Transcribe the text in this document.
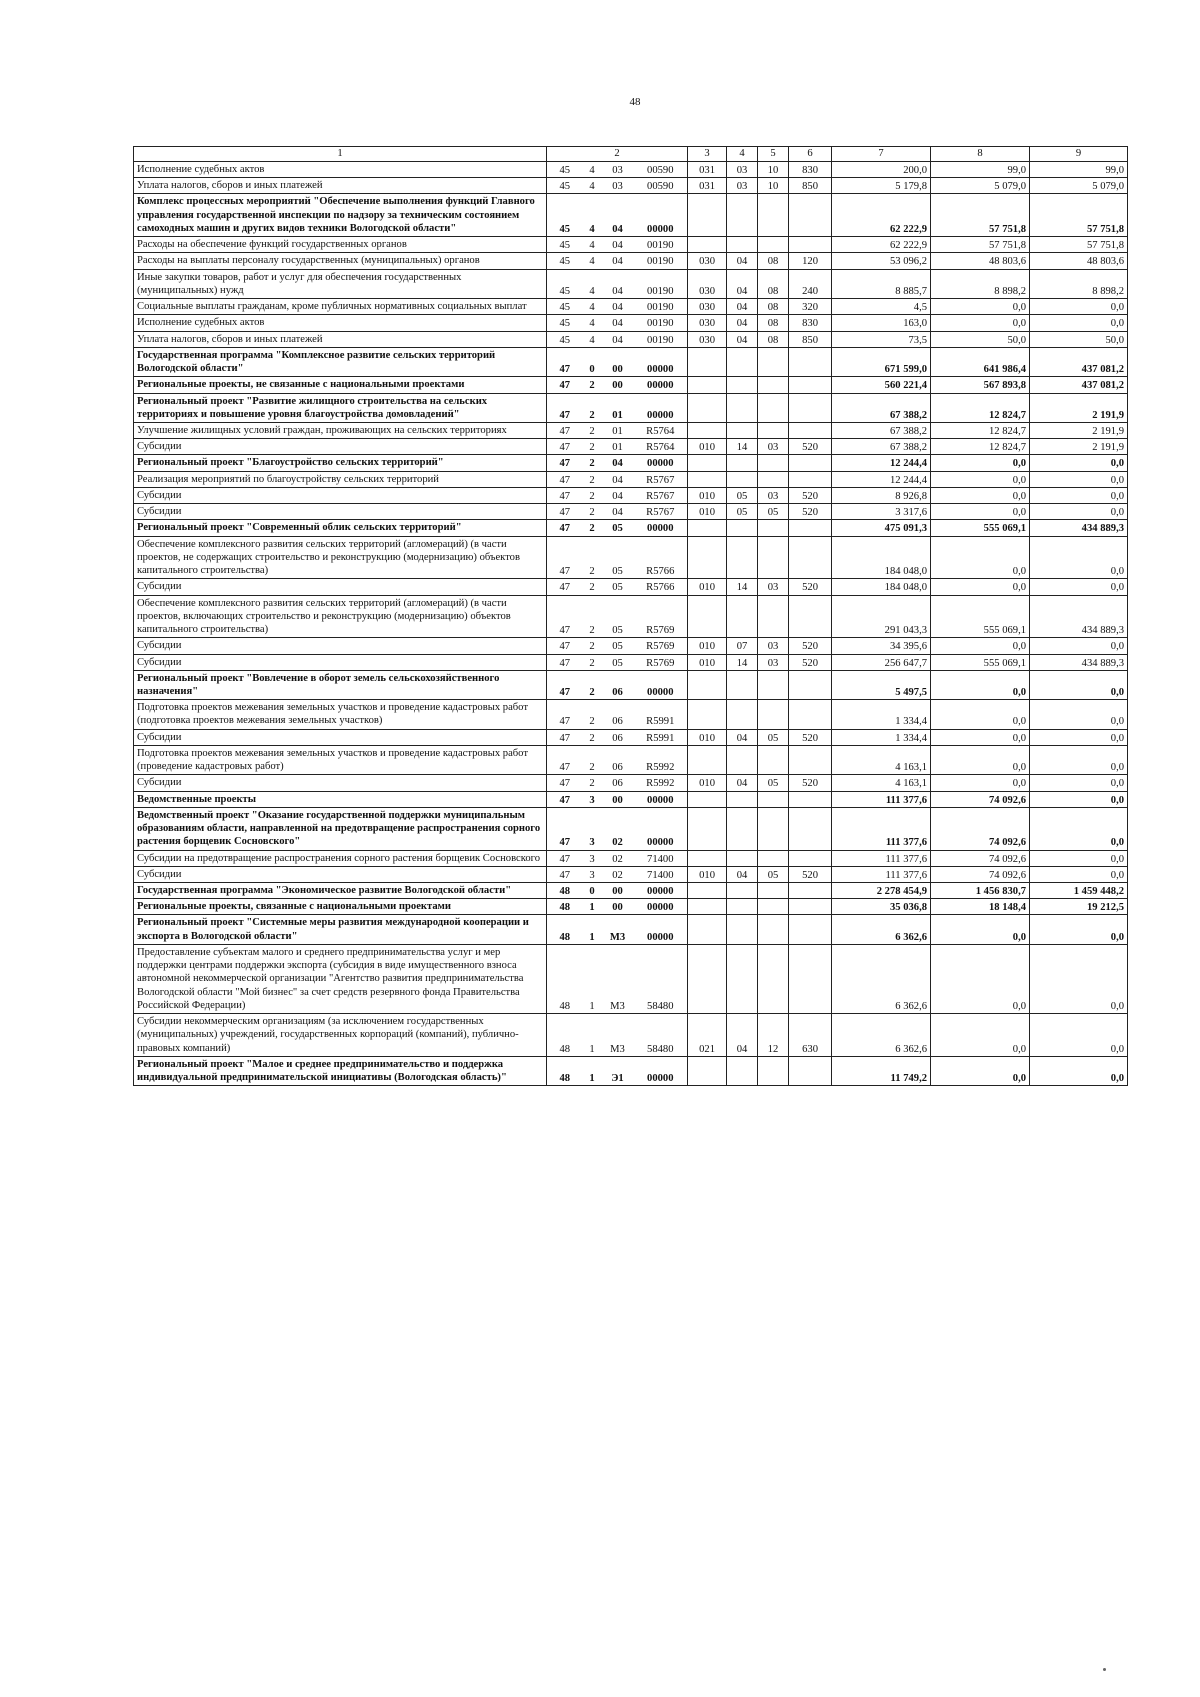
48
1	2				3	4	5	6	7	8	9
Исполнение судебных актов	45	4	03	00590	031	03	10	830	200,0	99,0	99,0
Уплата налогов, сборов и иных платежей	45	4	03	00590	031	03	10	850	5 179,8	5 079,0	5 079,0
Комплекс процессных мероприятий "Обеспечение выполнения функций Главного управления государственной инспекции по надзору за техническим состоянием самоходных машин и других видов техники Вологодской области"	45	4	04	00000					62 222,9	57 751,8	57 751,8
Расходы на обеспечение функций государственных органов	45	4	04	00190					62 222,9	57 751,8	57 751,8
Расходы на выплаты персоналу государственных (муниципальных) органов	45	4	04	00190	030	04	08	120	53 096,2	48 803,6	48 803,6
Иные закупки товаров, работ и услуг для обеспечения государственных (муниципальных) нужд	45	4	04	00190	030	04	08	240	8 885,7	8 898,2	8 898,2
Социальные выплаты гражданам, кроме публичных нормативных социальных выплат	45	4	04	00190	030	04	08	320	4,5	0,0	0,0
Исполнение судебных актов	45	4	04	00190	030	04	08	830	163,0	0,0	0,0
Уплата налогов, сборов и иных платежей	45	4	04	00190	030	04	08	850	73,5	50,0	50,0
Государственная программа "Комплексное развитие сельских территорий Вологодской области"	47	0	00	00000					671 599,0	641 986,4	437 081,2
Региональные проекты, не связанные с национальными проектами	47	2	00	00000					560 221,4	567 893,8	437 081,2
Региональный проект "Развитие жилищного строительства на сельских территориях и повышение уровня благоустройства домовладений"	47	2	01	00000					67 388,2	12 824,7	2 191,9
Улучшение жилищных условий граждан, проживающих на сельских территориях	47	2	01	R5764					67 388,2	12 824,7	2 191,9
Субсидии	47	2	01	R5764	010	14	03	520	67 388,2	12 824,7	2 191,9
Региональный проект "Благоустройство сельских территорий"	47	2	04	00000					12 244,4	0,0	0,0
Реализация мероприятий по благоустройству сельских территорий	47	2	04	R5767					12 244,4	0,0	0,0
Субсидии	47	2	04	R5767	010	05	03	520	8 926,8	0,0	0,0
Субсидии	47	2	04	R5767	010	05	05	520	3 317,6	0,0	0,0
Региональный проект "Современный облик сельских территорий"	47	2	05	00000					475 091,3	555 069,1	434 889,3
Обеспечение комплексного развития сельских территорий (агломераций) (в части проектов, не содержащих строительство и реконструкцию (модернизацию) объектов капитального строительства)	47	2	05	R5766					184 048,0	0,0	0,0
Субсидии	47	2	05	R5766	010	14	03	520	184 048,0	0,0	0,0
Обеспечение комплексного развития сельских территорий (агломераций) (в части проектов, включающих строительство и реконструкцию (модернизацию) объектов капитального строительства)	47	2	05	R5769					291 043,3	555 069,1	434 889,3
Субсидии	47	2	05	R5769	010	07	03	520	34 395,6	0,0	0,0
Субсидии	47	2	05	R5769	010	14	03	520	256 647,7	555 069,1	434 889,3
Региональный проект "Вовлечение в оборот земель сельскохозяйственного назначения"	47	2	06	00000					5 497,5	0,0	0,0
Подготовка проектов межевания земельных участков и проведение кадастровых работ (подготовка проектов межевания земельных участков)	47	2	06	R5991					1 334,4	0,0	0,0
Субсидии	47	2	06	R5991	010	04	05	520	1 334,4	0,0	0,0
Подготовка проектов межевания земельных участков и проведение кадастровых работ (проведение кадастровых работ)	47	2	06	R5992					4 163,1	0,0	0,0
Субсидии	47	2	06	R5992	010	04	05	520	4 163,1	0,0	0,0
Ведомственные проекты	47	3	00	00000					111 377,6	74 092,6	0,0
Ведомственный проект "Оказание государственной поддержки муниципальным образованиям области, направленной на предотвращение распространения сорного растения борщевик Сосновского"	47	3	02	00000					111 377,6	74 092,6	0,0
Субсидии на предотвращение распространения сорного растения борщевик Сосновского	47	3	02	71400					111 377,6	74 092,6	0,0
Субсидии	47	3	02	71400	010	04	05	520	111 377,6	74 092,6	0,0
Государственная программа "Экономическое развитие Вологодской области"	48	0	00	00000					2 278 454,9	1 456 830,7	1 459 448,2
Региональные проекты, связанные с национальными проектами	48	1	00	00000					35 036,8	18 148,4	19 212,5
Региональный проект "Системные меры развития международной кооперации и экспорта в Вологодской области"	48	1	М3	00000					6 362,6	0,0	0,0
Предоставление субъектам малого и среднего предпринимательства услуг и мер поддержки центрами поддержки экспорта (субсидия в виде имущественного взноса автономной некоммерческой организации "Агентство развития предпринимательства Вологодской области "Мой бизнес" за счет средств резервного фонда Правительства Российской Федерации)	48	1	М3	58480					6 362,6	0,0	0,0
Субсидии некоммерческим организациям (за исключением государственных (муниципальных) учреждений, государственных корпораций (компаний), публично-правовых компаний)	48	1	М3	58480	021	04	12	630	6 362,6	0,0	0,0
Региональный проект "Малое и среднее предпринимательство и поддержка индивидуальной предпринимательской инициативы (Вологодская область)"	48	1	Э1	00000					11 749,2	0,0	0,0
